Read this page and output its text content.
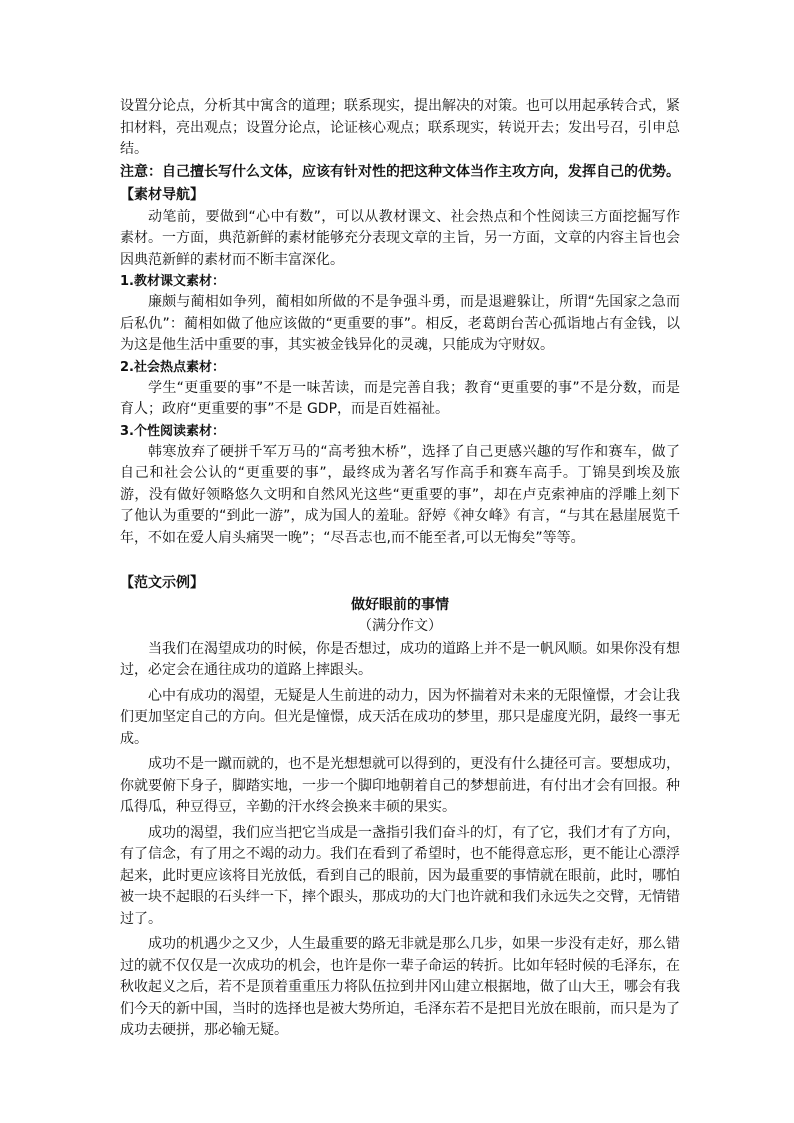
设置分论点，分析其中寓含的道理；联系现实，提出解决的对策。也可以用起承转合式，紧扣材料，亮出观点；设置分论点，论证核心观点；联系现实，转说开去；发出号召，引申总结。

注意：自己擅长写什么文体，应该有针对性的把这种文体当作主攻方向，发挥自己的优势。

【素材导航】

动笔前，要做到“心中有数”，可以从教材课文、社会热点和个性阅读三方面挖掘写作素材。一方面，典范新鲜的素材能够充分表现文章的主旨，另一方面，文章的内容主旨也会因典范新鲜的素材而不断丰富深化。

1.教材课文素材：

廉颇与蔺相如争列，蔺相如所做的不是争强斗勇，而是退避躲让，所谓“先国家之急而后私仇”：蔺相如做了他应该做的“更重要的事”。相反，老葛朗台苦心孤诣地占有金钱，以为这是他生活中重要的事，其实被金钱异化的灵魂，只能成为守财奴。

2.社会热点素材：

学生“更重要的事”不是一味苦读，而是完善自我；教育“更重要的事”不是分数，而是育人；政府“更重要的事”不是 GDP，而是百姓福祉。

3.个性阅读素材：

韩寒放弃了硬拼千军万马的“高考独木桥”，选择了自己更感兴趣的写作和赛车，做了自己和社会公认的“更重要的事”，最终成为著名写作高手和赛车高手。丁锦昊到埃及旅游，没有做好领略悠久文明和自然风光这些“更重要的事”，却在卢克索神庙的浮雕上刻下了他认为重要的“到此一游”，成为国人的羞耻。舒婷《神女峰》有言，“与其在悬崖展览千年，不如在爱人肩头痛哭一晚”；“尽吾志也,而不能至者,可以无悔矣”等等。

【范文示例】

做好眼前的事情

（满分作文）

当我们在渴望成功的时候，你是否想过，成功的道路上并不是一帆风顺。如果你没有想过，必定会在通往成功的道路上摔跟头。

心中有成功的渴望，无疑是人生前进的动力，因为怀揣着对未来的无限憧憬，才会让我们更加坚定自己的方向。但光是憧憬，成天活在成功的梦里，那只是虚度光阴，最终一事无成。

成功不是一蹴而就的，也不是光想想就可以得到的，更没有什么捷径可言。要想成功，你就要俯下身子，脚踏实地，一步一个脚印地朝着自己的梦想前进，有付出才会有回报。种瓜得瓜，种豆得豆，辛勤的汗水终会换来丰硕的果实。

成功的渴望，我们应当把它当成是一盏指引我们奋斗的灯，有了它，我们才有了方向，有了信念，有了用之不竭的动力。我们在看到了希望时，也不能得意忘形，更不能让心漂浮起来，此时更应该将目光放低，看到自己的眼前，因为最重要的事情就在眼前，此时，哪怕被一块不起眼的石头绊一下，摔个跟头，那成功的大门也许就和我们永远失之交臂，无情错过了。

成功的机遇少之又少，人生最重要的路无非就是那么几步，如果一步没有走好，那么错过的就不仅仅是一次成功的机会，也许是你一辈子命运的转折。比如年轻时候的毛泽东，在秋收起义之后，若不是顶着重重压力将队伍拉到井冈山建立根据地，做了山大王，哪会有我们今天的新中国，当时的选择也是被大势所迫，毛泽东若不是把目光放在眼前，而只是为了成功去硬拼，那必输无疑。
